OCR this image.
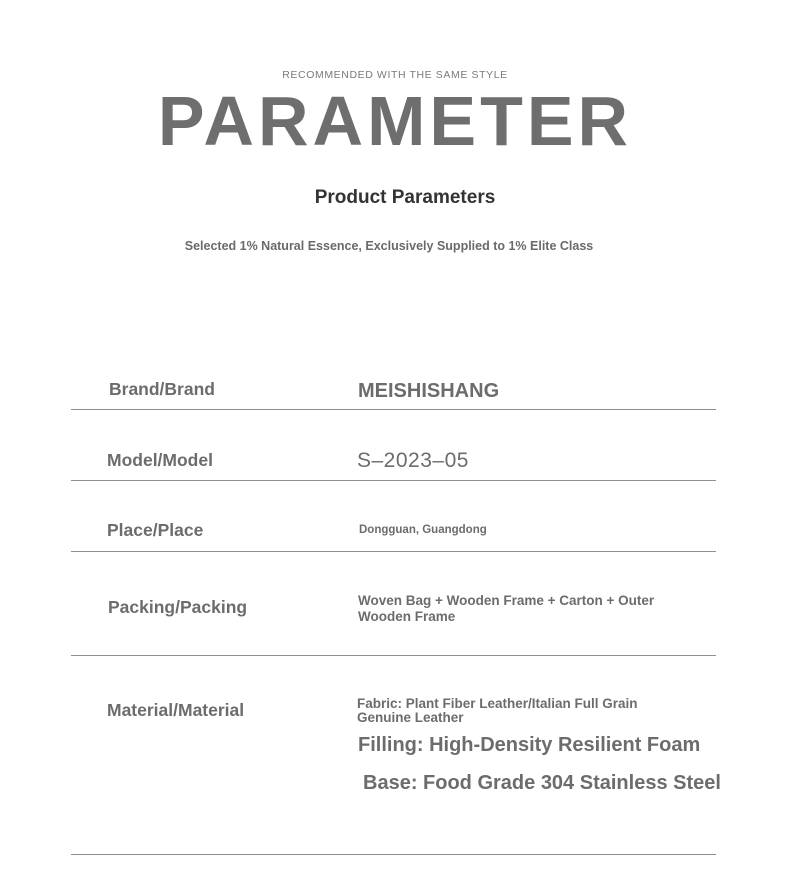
RECOMMENDED WITH THE SAME STYLE
PARAMETER
Product Parameters
Selected 1% Natural Essence, Exclusively Supplied to 1% Elite Class
Brand/Brand	MEISHISHANG
Model/Model	S–2023–05
Place/Place	Dongguan, Guangdong
Packing/Packing	Woven Bag + Wooden Frame + Carton + Outer Wooden Frame
Material/Material	Fabric: Plant Fiber Leather/Italian Full Grain Genuine Leather
Filling: High-Density Resilient Foam
Base: Food Grade 304 Stainless Steel
